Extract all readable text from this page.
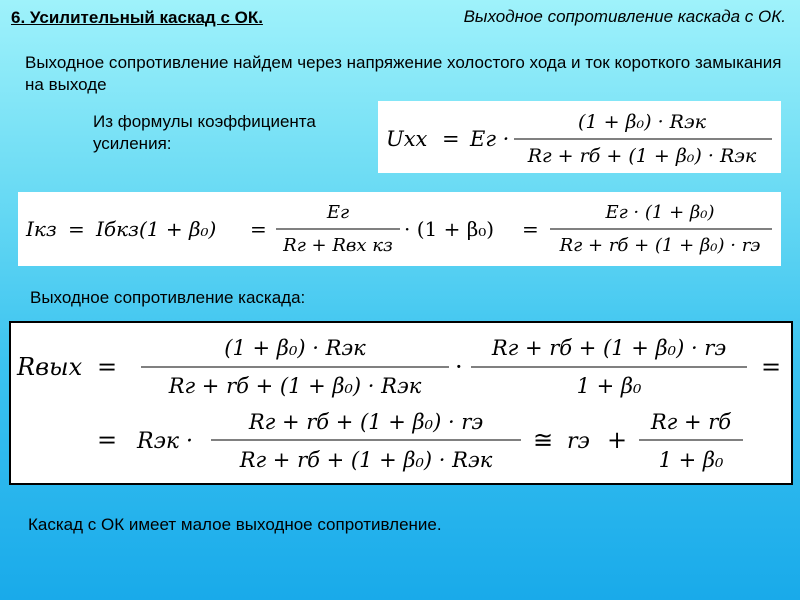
6. Усилительный каскад с ОК.	Выходное сопротивление каскада с ОК.
Выходное сопротивление найдем через напряжение холостого хода и ток короткого замыкания на выходе
Из формулы коэффициента усиления:	Uхх = Eг ·
(1 + β₀) · Rэк
Rг + rб + (1 + β₀) · Rэк
Iкз = Iбкз(1 + β₀) =
Eг
Rг + Rвх кз
· (1 + β₀) =
Eг · (1 + β₀)
Rг + rб + (1 + β₀) · rэ
Выходное сопротивление каскада:
Rвых =
(1 + β₀) · Rэк
Rг + rб + (1 + β₀) · Rэк
·
Rг + rб + (1 + β₀) · rэ
1 + β₀
=
= Rэк ·
Rг + rб + (1 + β₀) · rэ
Rг + rб + (1 + β₀) · Rэк
≅ rэ +
Rг + rб
1 + β₀
Каскад с ОК имеет малое выходное сопротивление.
